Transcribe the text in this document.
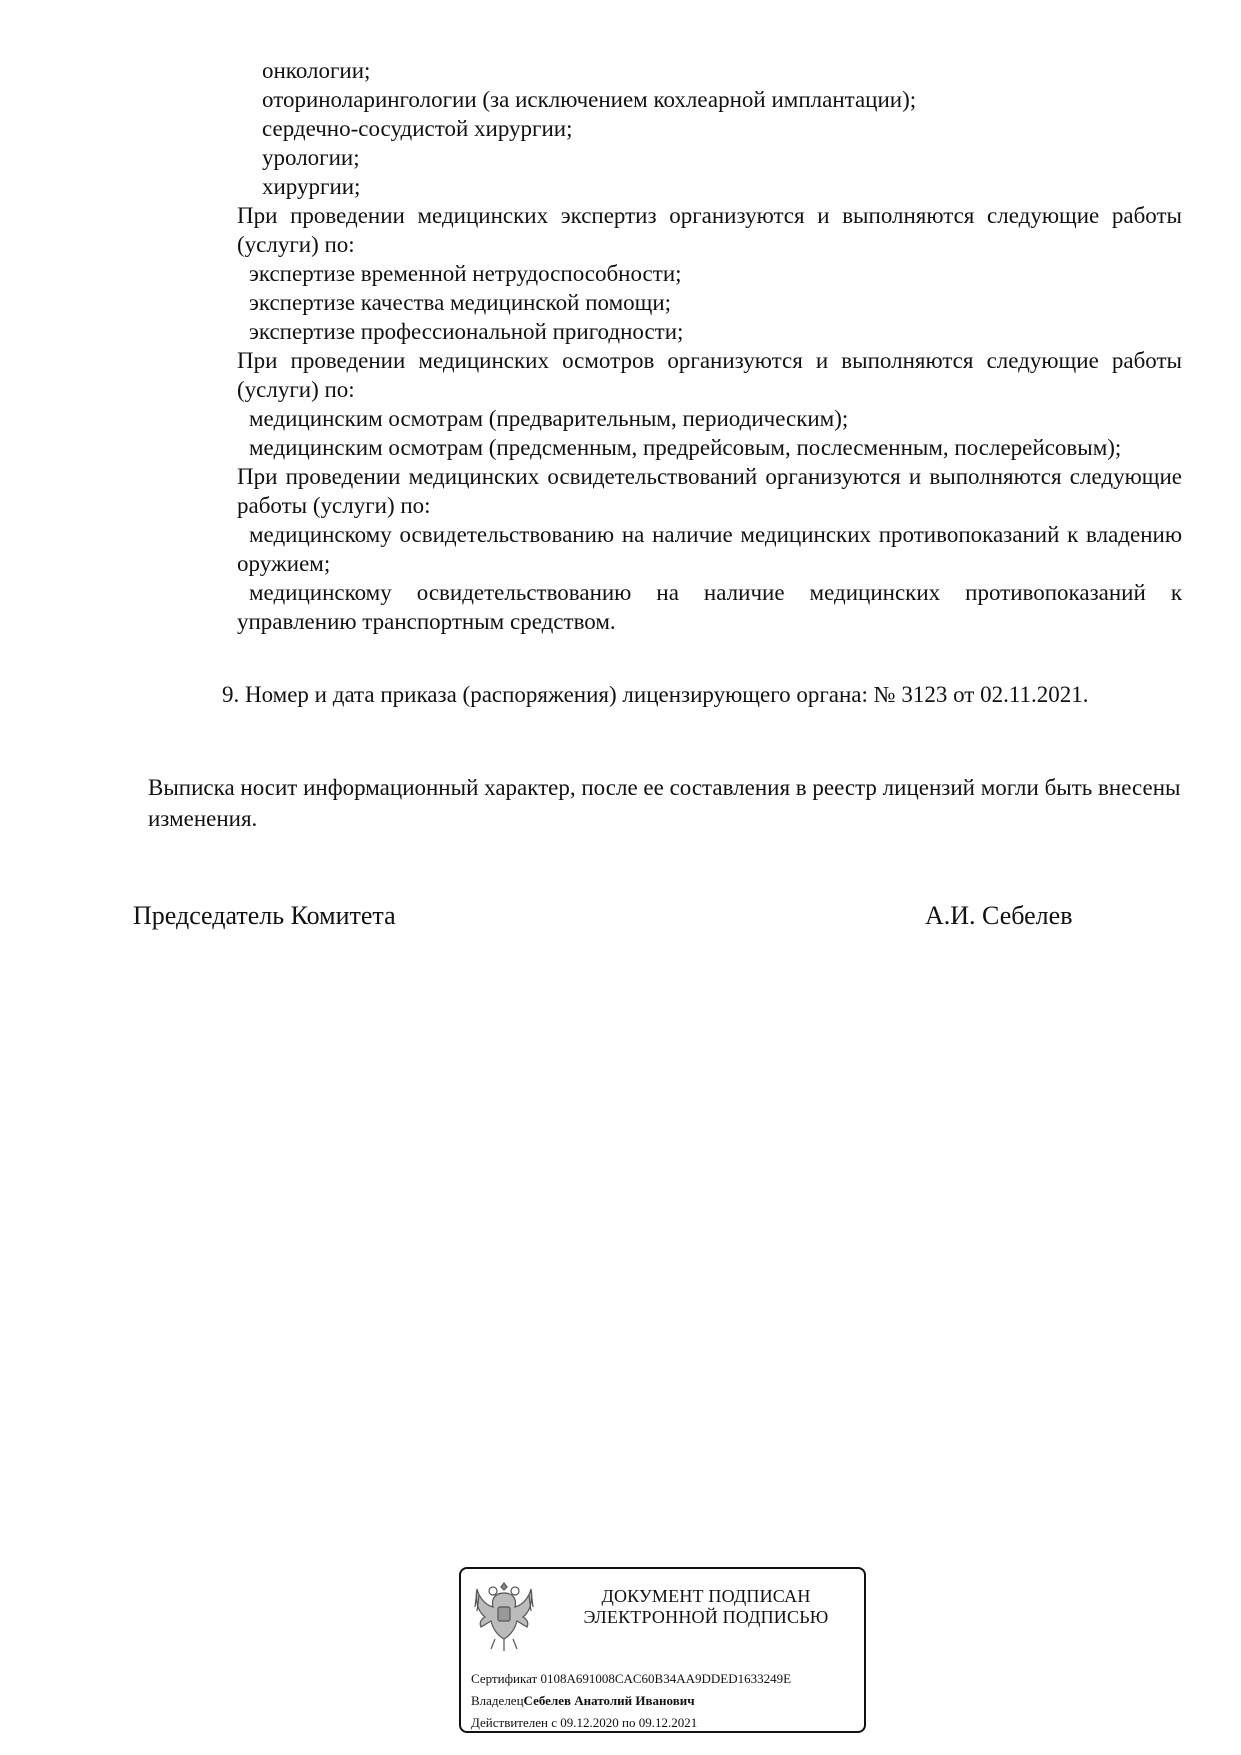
онкологии;
оториноларингологии (за исключением кохлеарной имплантации);
сердечно-сосудистой хирургии;
урологии;
хирургии;
При проведении медицинских экспертиз организуются и выполняются следующие работы (услуги) по:
экспертизе временной нетрудоспособности;
экспертизе качества медицинской помощи;
экспертизе профессиональной пригодности;
При проведении медицинских осмотров организуются и выполняются следующие работы (услуги) по:
медицинским осмотрам (предварительным, периодическим);
медицинским осмотрам (предсменным, предрейсовым, послесменным, послерейсовым);
При проведении медицинских освидетельствований организуются и выполняются следующие работы (услуги) по:
медицинскому освидетельствованию на наличие медицинских противопоказаний к владению оружием;
медицинскому освидетельствованию на наличие медицинских противопоказаний к управлению транспортным средством.
9. Номер и дата приказа (распоряжения) лицензирующего органа: № 3123 от 02.11.2021.
Выписка носит информационный характер, после ее составления в реестр лицензий могли быть внесены изменения.
Председатель Комитета	А.И. Себелев
ДОКУМЕНТ ПОДПИСАН
ЭЛЕКТРОННОЙ ПОДПИСЬЮ
Сертификат 0108A691008CAC60B34AA9DDED1633249E
ВладелецСебелев Анатолий Иванович
Действителен с 09.12.2020 по 09.12.2021
